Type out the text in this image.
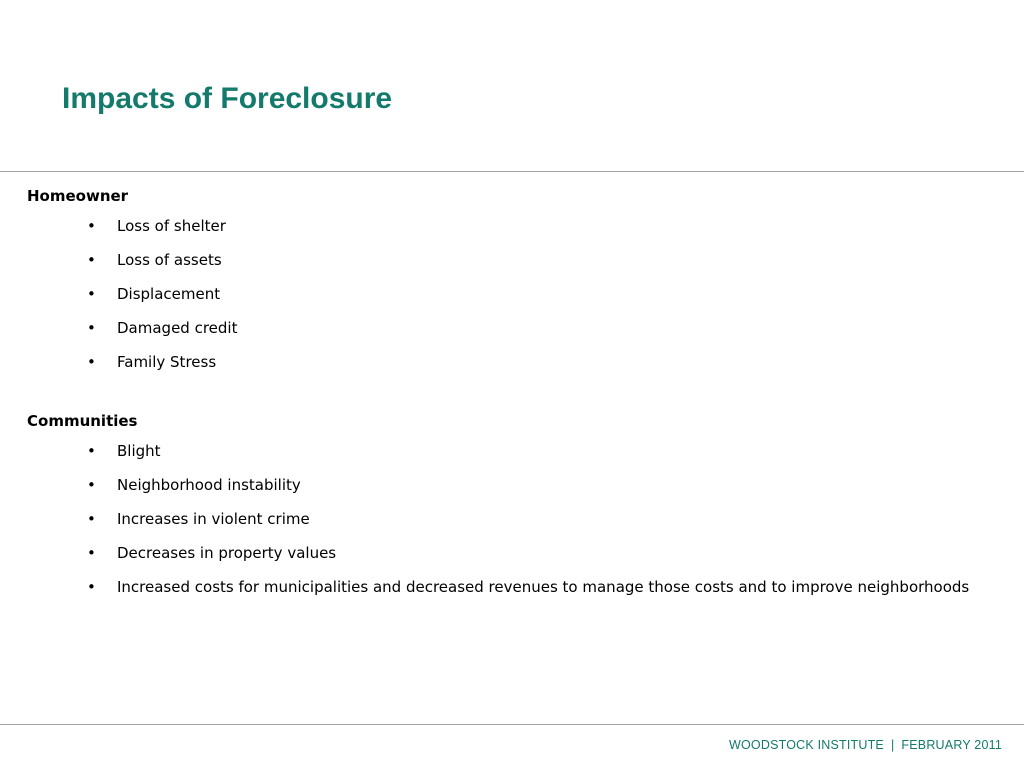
Impacts of Foreclosure
Homeowner
• Loss of shelter
• Loss of assets
• Displacement
• Damaged credit
• Family Stress
Communities
• Blight
• Neighborhood instability
• Increases in violent crime
• Decreases in property values
• Increased costs for municipalities and decreased revenues to manage those costs and to improve neighborhoods
WOODSTOCK INSTITUTE | FEBRUARY 2011
